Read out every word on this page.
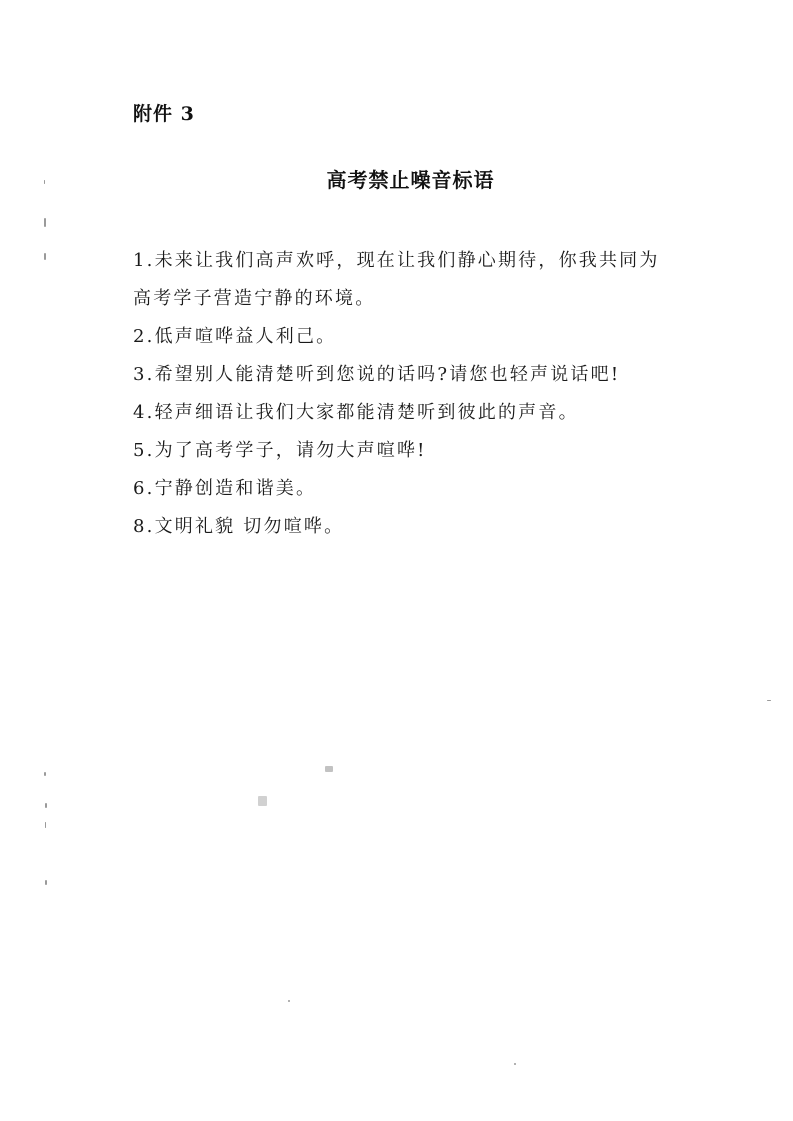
附件 3
高考禁止噪音标语
1.未来让我们高声欢呼，现在让我们静心期待，你我共同为
高考学子营造宁静的环境。
2.低声喧哗益人利己。
3.希望别人能清楚听到您说的话吗?请您也轻声说话吧!
4.轻声细语让我们大家都能清楚听到彼此的声音。
5.为了高考学子，请勿大声喧哗!
6.宁静创造和谐美。
8.文明礼貌 切勿喧哗。
